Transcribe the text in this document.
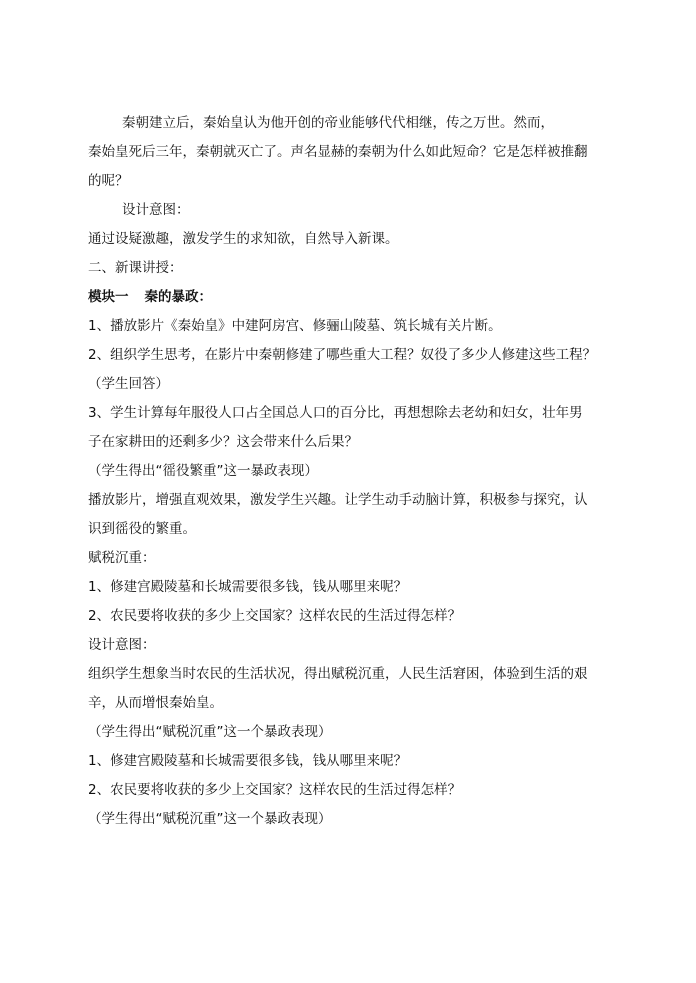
秦朝建立后，秦始皇认为他开创的帝业能够代代相继，传之万世。然而，
秦始皇死后三年，秦朝就灭亡了。声名显赫的秦朝为什么如此短命？它是怎样被推翻
的呢？
设计意图：
通过设疑激趣，激发学生的求知欲，自然导入新课。
二、新课讲授：
模块一 秦的暴政：
1、播放影片《秦始皇》中建阿房宫、修骊山陵墓、筑长城有关片断。
2、组织学生思考，在影片中秦朝修建了哪些重大工程？奴役了多少人修建这些工程？
（学生回答）
3、学生计算每年服役人口占全国总人口的百分比，再想想除去老幼和妇女，壮年男
子在家耕田的还剩多少？这会带来什么后果？
（学生得出“徭役繁重”这一暴政表现）
播放影片，增强直观效果，激发学生兴趣。让学生动手动脑计算，积极参与探究，认
识到徭役的繁重。
赋税沉重：
1、修建宫殿陵墓和长城需要很多钱，钱从哪里来呢？
2、农民要将收获的多少上交国家？这样农民的生活过得怎样？
设计意图：
组织学生想象当时农民的生活状况，得出赋税沉重，人民生活窘困，体验到生活的艰
辛，从而增恨秦始皇。
（学生得出“赋税沉重”这一个暴政表现）
1、修建宫殿陵墓和长城需要很多钱，钱从哪里来呢？
2、农民要将收获的多少上交国家？这样农民的生活过得怎样？
（学生得出“赋税沉重”这一个暴政表现）
